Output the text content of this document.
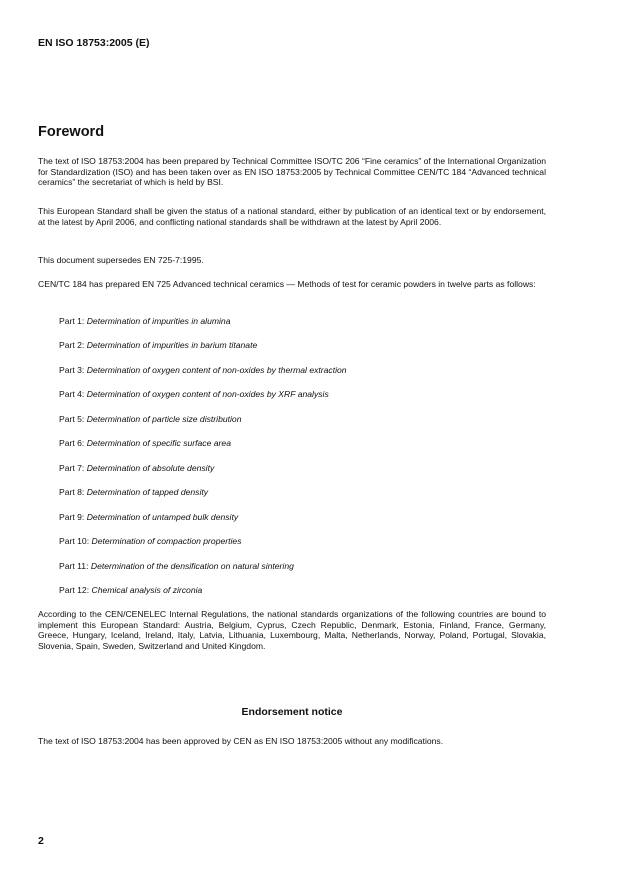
EN ISO 18753:2005 (E)
Foreword
The text of ISO 18753:2004 has been prepared by Technical Committee ISO/TC 206 “Fine ceramics” of the International Organization for Standardization (ISO) and has been taken over as EN ISO 18753:2005 by Technical Committee CEN/TC 184 “Advanced technical ceramics” the secretariat of which is held by BSI.
This European Standard shall be given the status of a national standard, either by publication of an identical text or by endorsement, at the latest by April 2006, and conflicting national standards shall be withdrawn at the latest by April 2006.
This document supersedes EN 725-7:1995.
CEN/TC 184 has prepared EN 725 Advanced technical ceramics — Methods of test for ceramic powders in twelve parts as follows:
Part 1: Determination of impurities in alumina
Part 2: Determination of impurities in barium titanate
Part 3: Determination of oxygen content of non-oxides by thermal extraction
Part 4: Determination of oxygen content of non-oxides by XRF analysis
Part 5: Determination of particle size distribution
Part 6: Determination of specific surface area
Part 7: Determination of absolute density
Part 8: Determination of tapped density
Part 9: Determination of untamped bulk density
Part 10: Determination of compaction properties
Part 11: Determination of the densification on natural sintering
Part 12: Chemical analysis of zirconia
According to the CEN/CENELEC Internal Regulations, the national standards organizations of the following countries are bound to implement this European Standard: Austria, Belgium, Cyprus, Czech Republic, Denmark, Estonia, Finland, France, Germany, Greece, Hungary, Iceland, Ireland, Italy, Latvia, Lithuania, Luxembourg, Malta, Netherlands, Norway, Poland, Portugal, Slovakia, Slovenia, Spain, Sweden, Switzerland and United Kingdom.
Endorsement notice
The text of ISO 18753:2004 has been approved by CEN as EN ISO 18753:2005 without any modifications.
2
